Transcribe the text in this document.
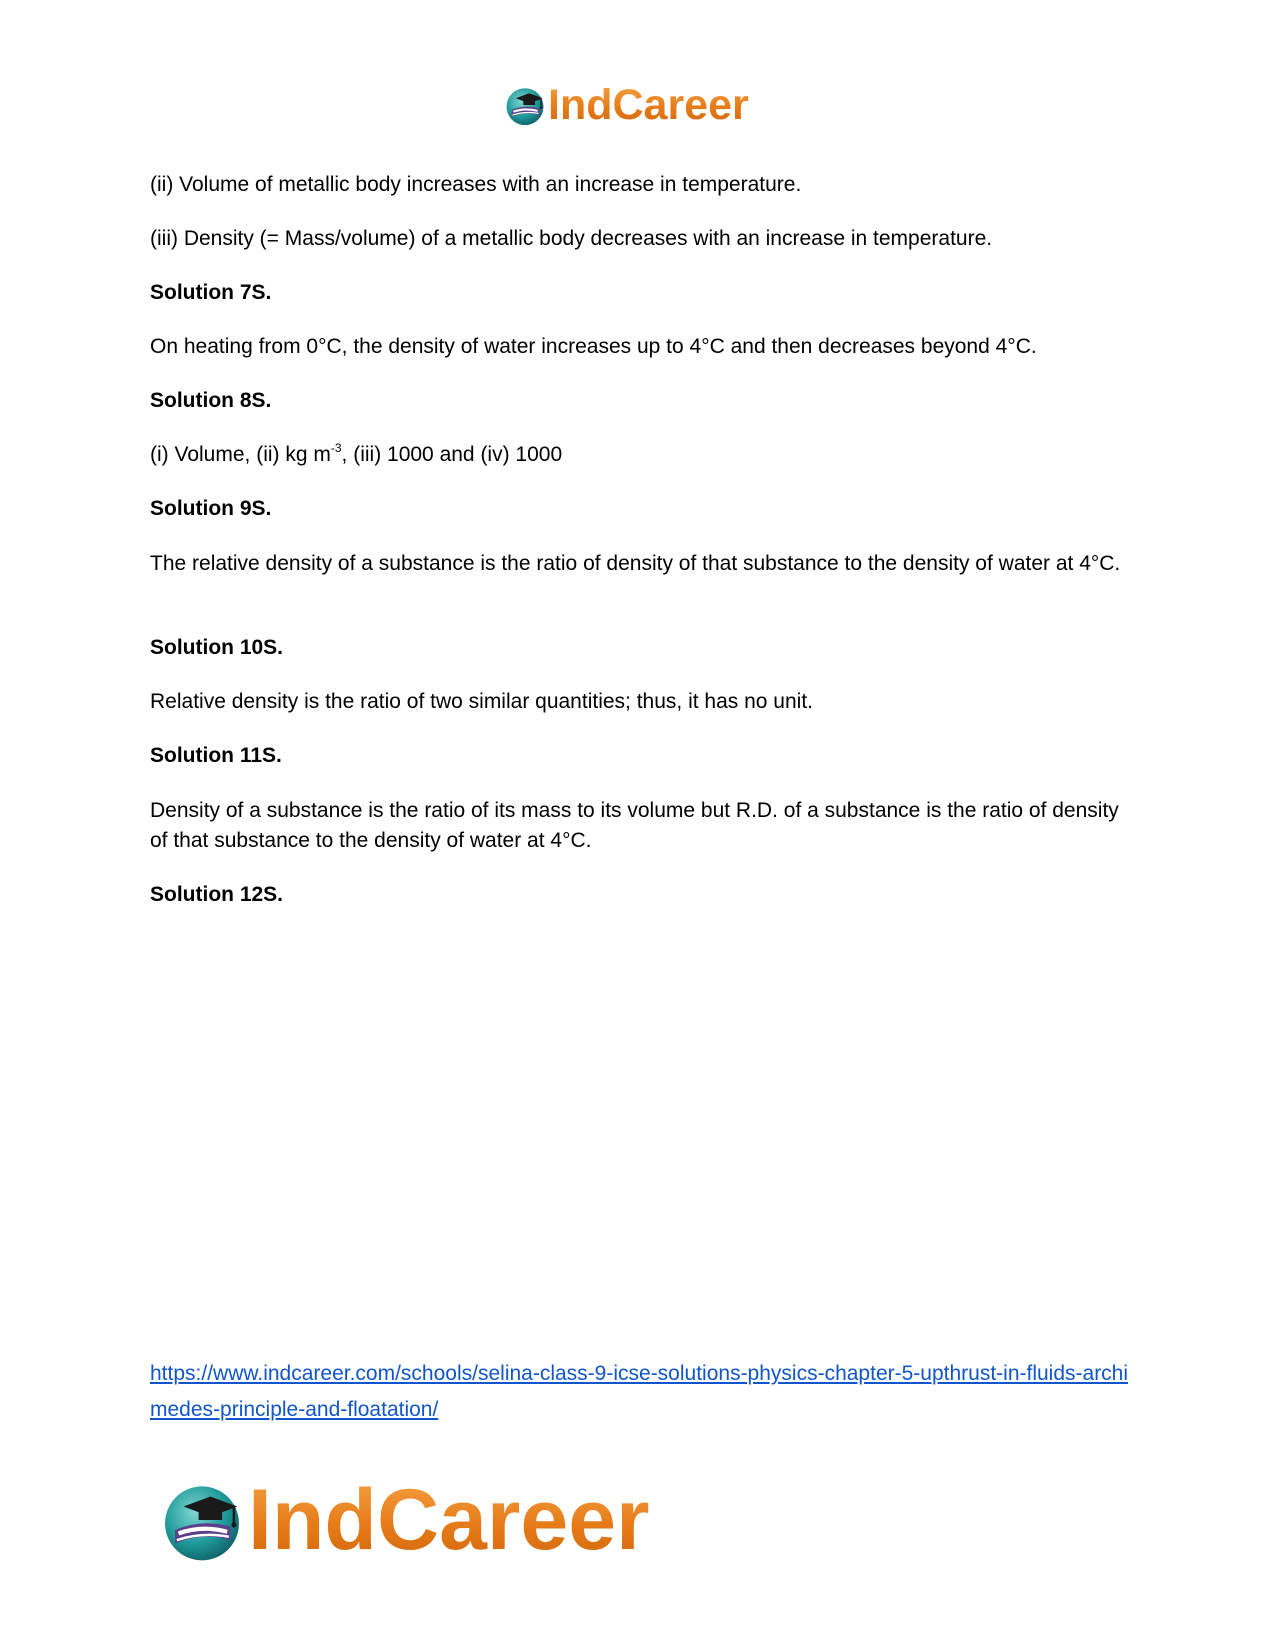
IndCareer
(ii) Volume of metallic body increases with an increase in temperature.
(iii) Density (= Mass/volume) of a metallic body decreases with an increase in temperature.
Solution 7S.
On heating from 0°C, the density of water increases up to 4°C and then decreases beyond 4°C.
Solution 8S.
(i) Volume, (ii) kg $m^{-3}$, (iii) 1000 and (iv) 1000
Solution 9S.
The relative density of a substance is the ratio of density of that substance to the density of water at 4°C.
Solution 10S.
Relative density is the ratio of two similar quantities; thus, it has no unit.
Solution 11S.
Density of a substance is the ratio of its mass to its volume but R.D. of a substance is the ratio of density of that substance to the density of water at 4°C.
Solution 12S.
https://www.indcareer.com/schools/selina-class-9-icse-solutions-physics-chapter-5-upthrust-in-fluids-archimedes-principle-and-floatation/
IndCareer
